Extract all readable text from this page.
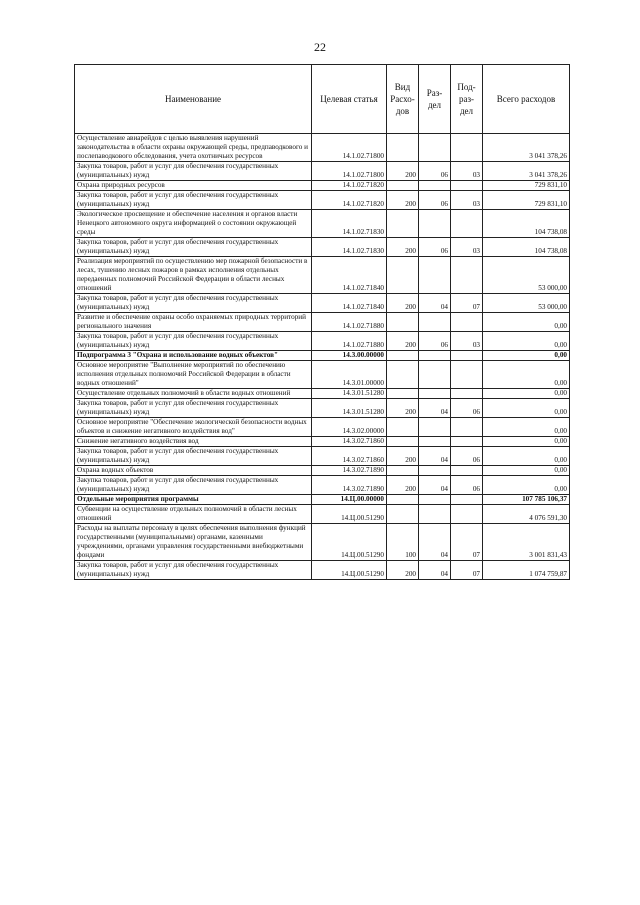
22
Наименование	Целевая статья	Вид Расхо-дов	Раз-дел	Под-раз-дел	Всего расходов
Осуществление авиарейдов с целью выявления нарушений законодательства в области охраны окружающей среды, предпаводкового и послепаводкового обследования, учета охотничьих ресурсов	14.1.02.71800				3 041 378,26
Закупка товаров, работ и услуг для обеспечения государственных (муниципальных) нужд	14.1.02.71800	200	06	03	3 041 378,26
Охрана природных ресурсов	14.1.02.71820				729 831,10
Закупка товаров, работ и услуг для обеспечения государственных (муниципальных) нужд	14.1.02.71820	200	06	03	729 831,10
Экологическое просвещение и обеспечение населения и органов власти Ненецкого автономного округа информацией о состоянии окружающей среды	14.1.02.71830				104 738,08
Закупка товаров, работ и услуг для обеспечения государственных (муниципальных) нужд	14.1.02.71830	200	06	03	104 738,08
Реализация мероприятий по осуществлению мер пожарной безопасности в лесах, тушению лесных пожаров в рамках исполнения отдельных передаенных полномочий Российской Федерации в области лесных отношений	14.1.02.71840				53 000,00
Закупка товаров, работ и услуг для обеспечения государственных (муниципальных) нужд	14.1.02.71840	200	04	07	53 000,00
Развитие и обеспечение охраны особо охраняемых природных территорий регионального значения	14.1.02.71880				0,00
Закупка товаров, работ и услуг для обеспечения государственных (муниципальных) нужд	14.1.02.71880	200	06	03	0,00
Подпрограмма 3 "Охрана и использование водных объектов"	14.3.00.00000				0,00
Основное мероприятие "Выполнение мероприятий по обеспечению исполнения отдельных полномочий Российской Федерации в области водных отношений"	14.3.01.00000				0,00
Осуществление отдельных полномочий в области водных отношений	14.3.01.51280				0,00
Закупка товаров, работ и услуг для обеспечения государственных (муниципальных) нужд	14.3.01.51280	200	04	06	0,00
Основное мероприятие "Обеспечение экологической безопасности водных объектов и снижение негативного воздействия вод"	14.3.02.00000				0,00
Снижение негативного воздействия вод	14.3.02.71860				0,00
Закупка товаров, работ и услуг для обеспечения государственных (муниципальных) нужд	14.3.02.71860	200	04	06	0,00
Охрана водных объектов	14.3.02.71890				0,00
Закупка товаров, работ и услуг для обеспечения государственных (муниципальных) нужд	14.3.02.71890	200	04	06	0,00
Отдельные мероприятия программы	14.Ц.00.00000				107 785 106,37
Субвенции на осуществление отдельных полномочий в области лесных отношений	14.Ц.00.51290				4 076 591,30
Расходы на выплаты персоналу в целях обеспечения выполнения функций государственными (муниципальными) органами, казенными учреждениями, органами управления государственными внебюджетными фондами	14.Ц.00.51290	100	04	07	3 001 831,43
Закупка товаров, работ и услуг для обеспечения государственных (муниципальных) нужд	14.Ц.00.51290	200	04	07	1 074 759,87
